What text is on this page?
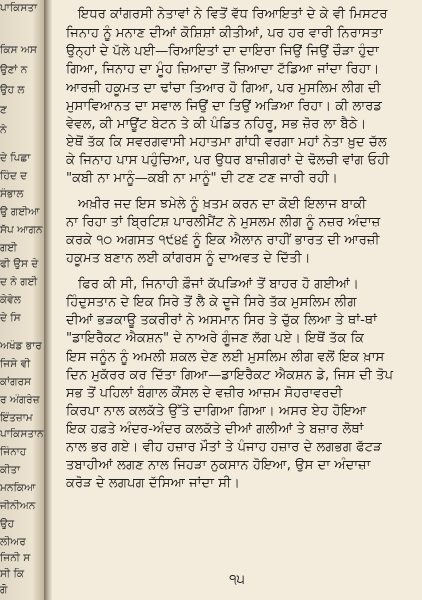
ਪਾਕਿਸਤਾ
ਕਿਸ ਅਸ
ਉਣਾਂ ਨ
ਉਹ ਲ
ਣ
ਨੇ
ਦੇ ਪਿਛਾ
ਹਿੰਦ ਦ
ਸੰਭਾਲ
ਉ ਗਈਆ
ਸੱਪ ਆਗਨ
ਗਈ
ਫੀ ਉਸ ਦੇ
ਦ ਨੇ ਗਈ
ਕੇਵੇਲ
ਦੇ ਸਿ
ਅਖੰਡ ਭਾਰ
ਜਿਸੇ ਵੀ
ਕਾਂਗਰਸ
ਰ ਅੰਗਰੇਜ਼
ਇੰਤਜ਼ਾਮ
ਪਾਕਿਸਤਾਨ
ਜਿੰਨਾਹ
ਕੀਤਾ
ਮਨਕਿਆ
ਜੀਨੀਅਨ
ਉਹ
ਲੀਅਰ
ਜਿਨੀ ਸ
ਸੀ ਕਿ
ਗੋ
ਇਧਰ ਕਾਂਗਰਸੀ ਨੇਤਾਵਾਂ ਨੇ ਵਿਤੋਂ ਵੱਧ ਰਿਆਇਤਾਂ ਦੇ ਕੇ ਵੀ ਮਿਸਟਰ
ਜਿਨਾਹ ਨੂੰ ਮਨਾਣ ਦੀਆਂ ਕੋਸ਼ਿਸ਼ਾਂ ਕੀਤੀਆਂ, ਪਰ ਹਰ ਵਾਰੀ ਨਿਰਾਸਤਾ
ਉਨ੍ਹਾਂ ਦੇ ਪੱਲੇ ਪਈ—ਰਿਆਇਤਾਂ ਦਾ ਦਾਇਰਾ ਜਿਉਂ ਜਿਉਂ ਚੌੜਾ ਹੁੰਦਾ
ਗਿਆ, ਜਿਨਾਹ ਦਾ ਮੂੰਹ ਜ਼ਿਆਦਾ ਤੋਂ ਜ਼ਿਆਦਾ ਟੱਡਿਆ ਜਾਂਦਾ ਰਿਹਾ।
ਆਰਜ਼ੀ ਹਕੂਮਤ ਦਾ ਢਾਂਚਾ ਤਿਆਰ ਹੋ ਗਿਆ, ਪਰ ਮੁਸਲਿਮ ਲੀਗ ਦੀ
ਮੁਸਾਵਿਆਨਤ ਦਾ ਸਵਾਲ ਜਿਉਂ ਦਾ ਤਿਉਂ ਅੜਿਆ ਰਿਹਾ। ਕੀ ਲਾਰਡ
ਵੇਵਲ, ਕੀ ਮਾਊਂਟ ਬੇਟਨ ਤੇ ਕੀ ਪੰਡਿਤ ਨਹਿਰੂ, ਸਭ ਜ਼ੋਰ ਲਾ ਬੈਠੇ।
ਏਥੋਂ ਤੱਕ ਕਿ ਸਵਰਗਵਾਸੀ ਮਹਾਤਮਾ ਗਾਂਧੀ ਵਰਗਾ ਮਹਾਂ ਨੇਤਾ ਖ਼ੁਦ ਚੱਲ
ਕੇ ਜਿਨਾਹ ਪਾਸ ਪਹੁੰਚਿਆ, ਪਰ ਉਧਰ ਬਾਜ਼ੀਗਰਾਂ ਦੇ ਢੋਲਚੀ ਵਾਂਗ ਓਹੀ
"ਕਬੀ ਨਾ ਮਾਨੂੰ—ਕਬੀ ਨਾ ਮਾਨੂੰ" ਦੀ ਟਣ ਟਣ ਜਾਰੀ ਰਹੀ।
ਅਖ਼ੀਰ ਜਦ ਇਸ ਝਮੇਲੇ ਨੂੰ ਖ਼ਤਮ ਕਰਨ ਦਾ ਕੋਈ ਇਲਾਜ ਬਾਕੀ
ਨਾ ਰਿਹਾ ਤਾਂ ਬ੍ਰਿਟਿਸ਼ ਪਾਰਲੀਮੈਂਟ ਨੇ ਮੁਸਲਮ ਲੀਗ ਨੂੰ ਨਜ਼ਰ ਅੰਦਾਜ਼
ਕਰਕੇ ੧੦ ਅਗਸਤ ੧੯੪੬ ਨੂੰ ਇਕ ਐਲਾਨ ਰਾਹੀਂ ਭਾਰਤ ਦੀ ਆਰਜ਼ੀ
ਹਕੂਮਤ ਬਣਾਨ ਲਈ ਕਾਂਗਰਸ ਨੂੰ ਦਾਅਵਤ ਦੇ ਦਿੱਤੀ।
ਫਿਰ ਕੀ ਸੀ, ਜਿਨਾਹੀ ਫ਼ੌਜਾਂ ਕੱਪੜਿਆਂ ਤੋਂ ਬਾਹਰ ਹੋ ਗਈਆਂ।
ਹਿੰਦੁਸਤਾਨ ਦੇ ਇਕ ਸਿਰੇ ਤੋਂ ਲੈ ਕੇ ਦੂਜੇ ਸਿਰੇ ਤੱਕ ਮੁਸਲਿਮ ਲੀਗ
ਦੀਆਂ ਭੜਕਾਊ ਤਕਰੀਰਾਂ ਨੇ ਅਸਮਾਨ ਸਿਰ ਤੇ ਚੁੱਕ ਲਿਆ ਤੇ ਥਾਂ-ਥਾਂ
"ਡਾਇਰੈਕਟ ਐਕਸ਼ਨ" ਦੇ ਨਾਅਰੇ ਗੂੰਜਣ ਲੱਗ ਪਏ। ਇਥੋਂ ਤੱਕ ਕਿ
ਇਸ ਜਨੂੰਨ ਨੂੰ ਅਮਲੀ ਸ਼ਕਲ ਦੇਣ ਲਈ ਮੁਸਲਿਮ ਲੀਗ ਵਲੋਂ ਇਕ ਖ਼ਾਸ
ਦਿਨ ਮੁਕੱਰਰ ਕਰ ਦਿੱਤਾ ਗਿਆ—ਡਾਇਰੈਕਟ ਐਕਸ਼ਨ ਡੇ, ਜਿਸ ਦੀ ਤੋਪ
ਸਭ ਤੋਂ ਪਹਿਲਾਂ ਬੰਗਾਲ ਕੌਂਸਲ ਦੇ ਵਜ਼ੀਰ ਆਜ਼ਮ ਸੋਹਰਾਵਰਦੀ
ਕਿਰਪਾ ਨਾਲ ਕਲਕੱਤੇ ਉੱਤੇ ਦਾਗਿਆ ਗਿਆ। ਅਸਰ ਏਹ ਹੋਇਆ
ਇਕ ਹਫ਼ਤੇ ਅੰਦਰ-ਅੰਦਰ ਕਲਕੱਤੇ ਦੀਆਂ ਗਲੀਆਂ ਤੇ ਬਜ਼ਾਰ ਲੋਥਾਂ
ਨਾਲ ਭਰ ਗਏ। ਵੀਹ ਹਜ਼ਾਰ ਮੌਤਾਂ ਤੇ ਪੰਜਾਹ ਹਜ਼ਾਰ ਦੇ ਲਗਭਗ ਫੱਟੜ
ਤਬਾਹੀਆਂ ਲਗਣ ਨਾਲ ਜਿਹੜਾ ਨੁਕਸਾਨ ਹੋਇਆ, ਉਸ ਦਾ ਅੰਦਾਜ਼ਾ
ਕਰੋੜ ਦੇ ਲਗਪਗ ਦੱਸਿਆ ਜਾਂਦਾ ਸੀ।
੧੫
